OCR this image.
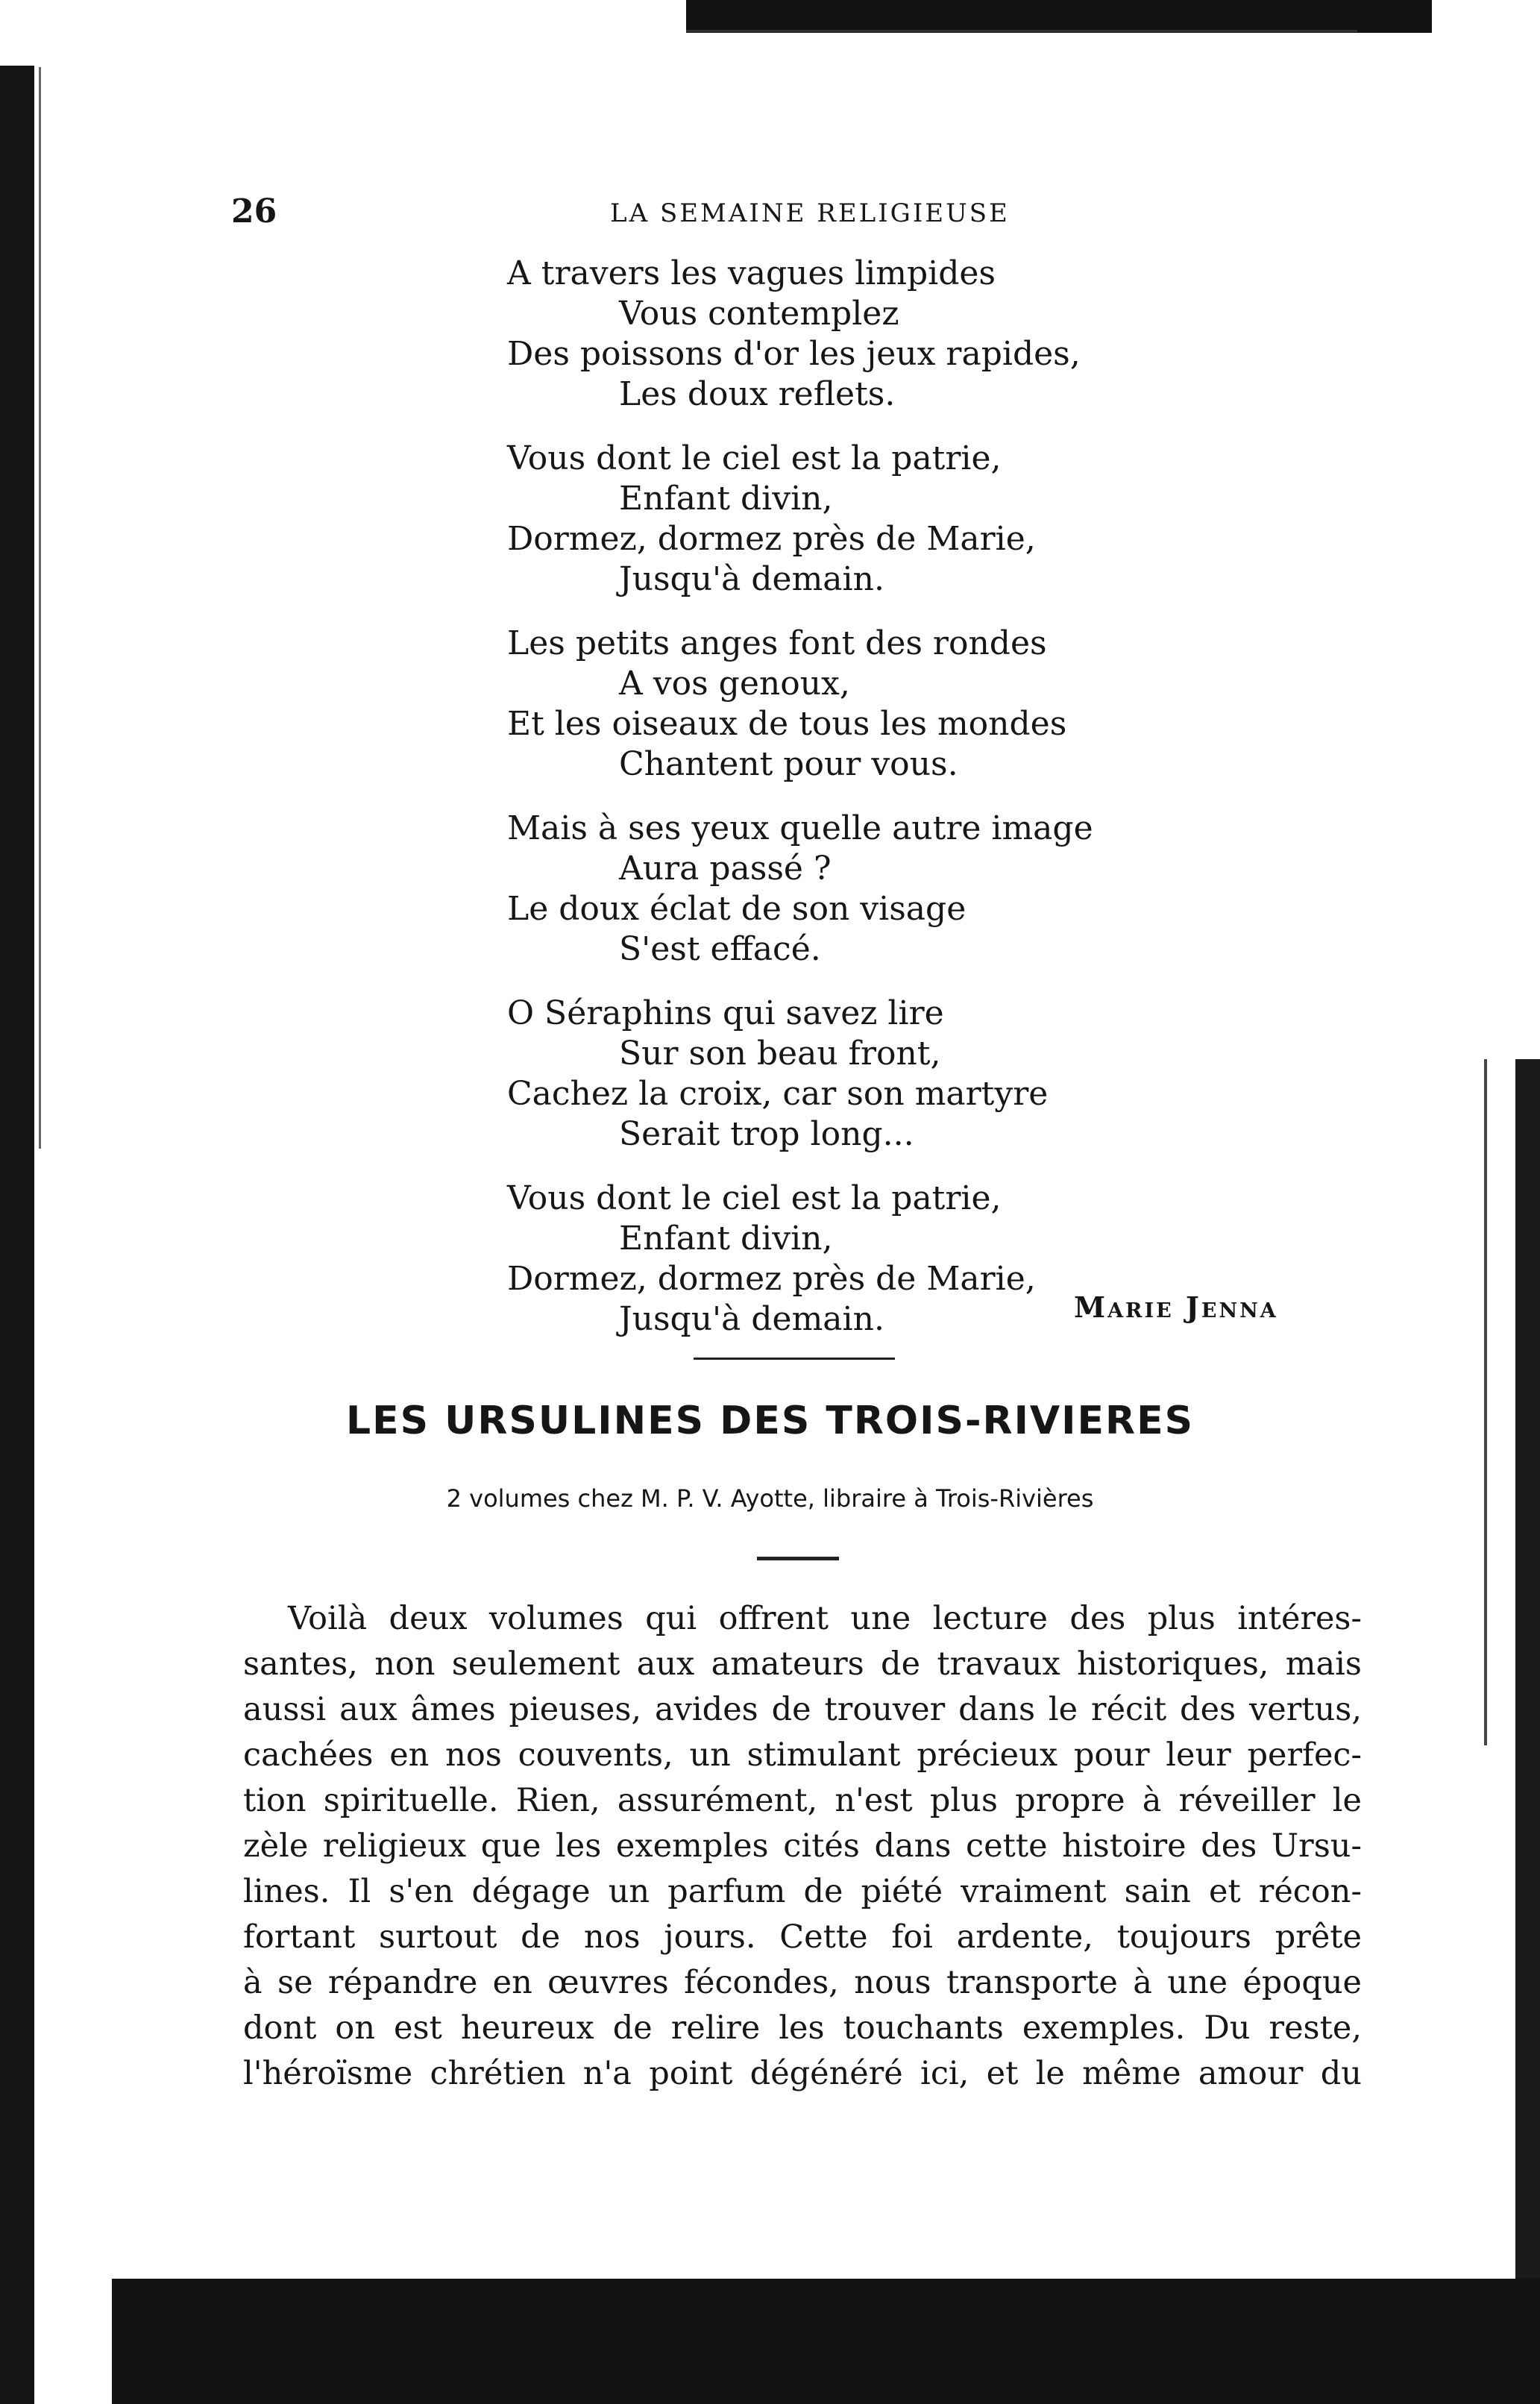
26	LA SEMAINE RELIGIEUSE
A travers les vagues limpides
Vous contemplez
Des poissons d'or les jeux rapides,
Les doux reflets.
Vous dont le ciel est la patrie,
Enfant divin,
Dormez, dormez près de Marie,
Jusqu'à demain.
Les petits anges font des rondes
A vos genoux,
Et les oiseaux de tous les mondes
Chantent pour vous.
Mais à ses yeux quelle autre image
Aura passé ?
Le doux éclat de son visage
S'est effacé.
O Séraphins qui savez lire
Sur son beau front,
Cachez la croix, car son martyre
Serait trop long...
Vous dont le ciel est la patrie,
Enfant divin,
Dormez, dormez près de Marie,
Jusqu'à demain.	Marie Jenna
LES URSULINES DES TROIS-RIVIERES
2 volumes chez M. P. V. Ayotte, libraire à Trois-Rivières
Voilà deux volumes qui offrent une lecture des plus intéres-
santes, non seulement aux amateurs de travaux historiques, mais
aussi aux âmes pieuses, avides de trouver dans le récit des vertus,
cachées en nos couvents, un stimulant précieux pour leur perfec-
tion spirituelle. Rien, assurément, n'est plus propre à réveiller le
zèle religieux que les exemples cités dans cette histoire des Ursu-
lines. Il s'en dégage un parfum de piété vraiment sain et récon-
fortant surtout de nos jours. Cette foi ardente, toujours prête
à se répandre en œuvres fécondes, nous transporte à une époque
dont on est heureux de relire les touchants exemples. Du reste,
l'héroïsme chrétien n'a point dégénéré ici, et le même amour du
